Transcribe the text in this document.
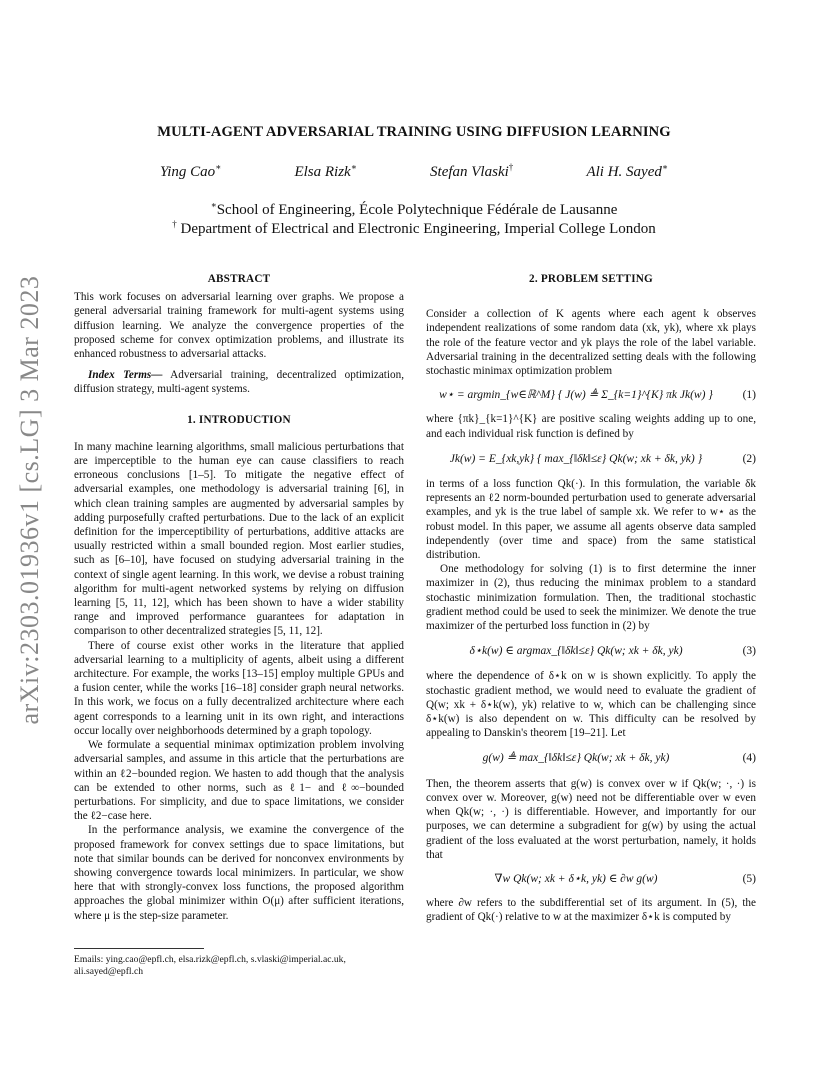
arXiv:2303.01936v1 [cs.LG] 3 Mar 2023
MULTI-AGENT ADVERSARIAL TRAINING USING DIFFUSION LEARNING
Ying Cao∗	Elsa Rizk∗	Stefan Vlaski†	Ali H. Sayed∗
∗School of Engineering, École Polytechnique Fédérale de Lausanne
† Department of Electrical and Electronic Engineering, Imperial College London
ABSTRACT

This work focuses on adversarial learning over graphs. We propose a general adversarial training framework for multi-agent systems using diffusion learning. We analyze the convergence properties of the proposed scheme for convex optimization problems, and illustrate its enhanced robustness to adversarial attacks.

Index Terms— Adversarial training, decentralized optimization, diffusion strategy, multi-agent systems.

1. INTRODUCTION

In many machine learning algorithms, small malicious perturbations that are imperceptible to the human eye can cause classifiers to reach erroneous conclusions [1–5]. To mitigate the negative effect of adversarial examples, one methodology is adversarial training [6], in which clean training samples are augmented by adversarial samples by adding purposefully crafted perturbations. Due to the lack of an explicit definition for the imperceptibility of perturbations, additive attacks are usually restricted within a small bounded region. Most earlier studies, such as [6–10], have focused on studying adversarial training in the context of single agent learning. In this work, we devise a robust training algorithm for multi-agent networked systems by relying on diffusion learning [5, 11, 12], which has been shown to have a wider stability range and improved performance guarantees for adaptation in comparison to other decentralized strategies [5, 11, 12].

There of course exist other works in the literature that applied adversarial learning to a multiplicity of agents, albeit using a different architecture. For example, the works [13–15] employ multiple GPUs and a fusion center, while the works [16–18] consider graph neural networks. In this work, we focus on a fully decentralized architecture where each agent corresponds to a learning unit in its own right, and interactions occur locally over neighborhoods determined by a graph topology.

We formulate a sequential minimax optimization problem involving adversarial samples, and assume in this article that the perturbations are within an ℓ2−bounded region. We hasten to add though that the analysis can be extended to other norms, such as ℓ1− and ℓ∞−bounded perturbations. For simplicity, and due to space limitations, we consider the ℓ2−case here.

In the performance analysis, we examine the convergence of the proposed framework for convex settings due to space limitations, but note that similar bounds can be derived for nonconvex environments by showing convergence towards local minimizers. In particular, we show here that with strongly-convex loss functions, the proposed algorithm approaches the global minimizer within O(μ) after sufficient iterations, where μ is the step-size parameter.

Emails: ying.cao@epfl.ch, elsa.rizk@epfl.ch, s.vlaski@imperial.ac.uk, ali.sayed@epfl.ch
2. PROBLEM SETTING

Consider a collection of K agents where each agent k observes independent realizations of some random data (xk, yk), where xk plays the role of the feature vector and yk plays the role of the label variable. Adversarial training in the decentralized setting deals with the following stochastic minimax optimization problem

w⋆ = argmin_{w∈ℝ^M} { J(w) ≜ Σ_{k=1}^{K} πk Jk(w) }	(1)

where {πk}_{k=1}^{K} are positive scaling weights adding up to one, and each individual risk function is defined by

Jk(w) = E_{xk,yk} { max_{‖δk‖≤ε} Qk(w; xk + δk, yk) }	(2)

in terms of a loss function Qk(·). In this formulation, the variable δk represents an ℓ2 norm-bounded perturbation used to generate adversarial examples, and yk is the true label of sample xk. We refer to w⋆ as the robust model. In this paper, we assume all agents observe data sampled independently (over time and space) from the same statistical distribution.

One methodology for solving (1) is to first determine the inner maximizer in (2), thus reducing the minimax problem to a standard stochastic minimization formulation. Then, the traditional stochastic gradient method could be used to seek the minimizer. We denote the true maximizer of the perturbed loss function in (2) by

δ⋆k(w) ∈ argmax_{‖δk‖≤ε} Qk(w; xk + δk, yk)	(3)

where the dependence of δ⋆k on w is shown explicitly. To apply the stochastic gradient method, we would need to evaluate the gradient of Q(w; xk + δ⋆k(w), yk) relative to w, which can be challenging since δ⋆k(w) is also dependent on w. This difficulty can be resolved by appealing to Danskin's theorem [19–21]. Let

g(w) ≜ max_{‖δk‖≤ε} Qk(w; xk + δk, yk)	(4)

Then, the theorem asserts that g(w) is convex over w if Qk(w; ·, ·) is convex over w. Moreover, g(w) need not be differentiable over w even when Qk(w; ·, ·) is differentiable. However, and importantly for our purposes, we can determine a subgradient for g(w) by using the actual gradient of the loss evaluated at the worst perturbation, namely, it holds that

∇w Qk(w; xk + δ⋆k, yk) ∈ ∂w g(w)	(5)

where ∂w refers to the subdifferential set of its argument. In (5), the gradient of Qk(·) relative to w at the maximizer δ⋆k is computed by
